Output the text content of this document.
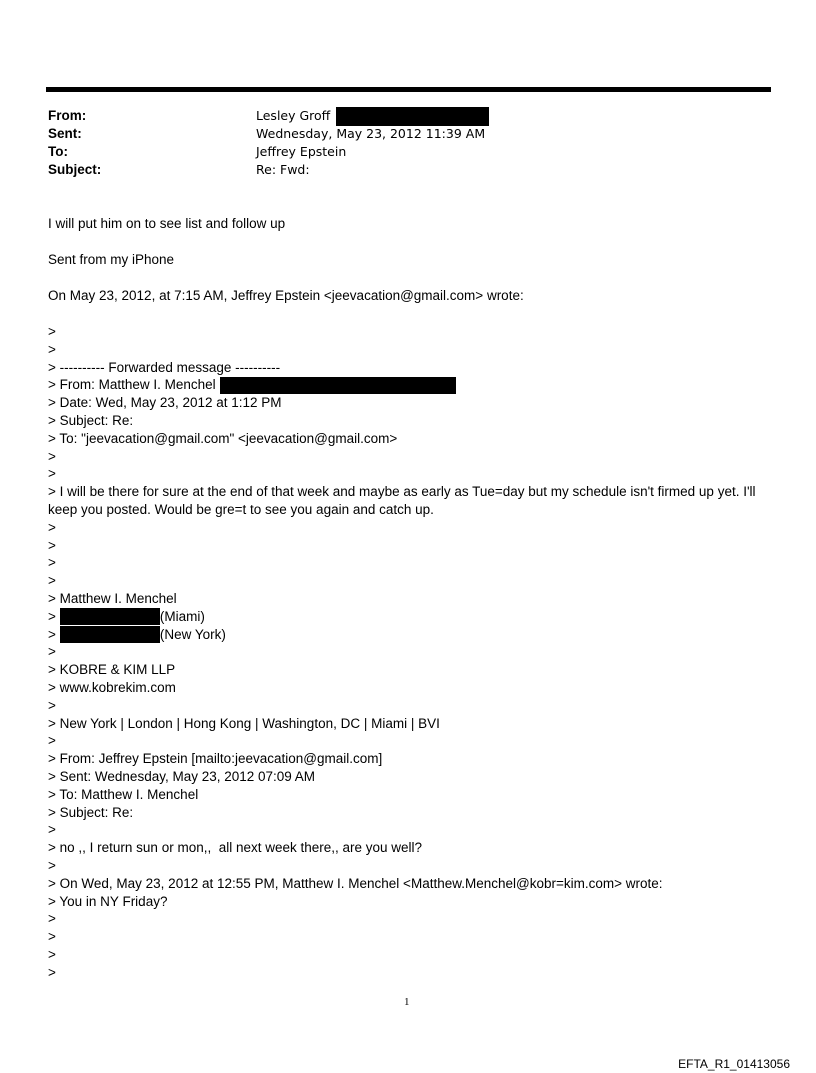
From:	Lesley Groff
Sent:	Wednesday, May 23, 2012 11:39 AM
To:	Jeffrey Epstein
Subject:	Re: Fwd:
I will put him on to see list and follow up
Sent from my iPhone
On May 23, 2012, at 7:15 AM, Jeffrey Epstein <jeevacation@gmail.com> wrote:
>
>
> ---------- Forwarded message ----------
> From: Matthew I. Menchel
> Date: Wed, May 23, 2012 at 1:12 PM
> Subject: Re:
> To: "jeevacation@gmail.com" <jeevacation@gmail.com>
>
>
> I will be there for sure at the end of that week and maybe as early as Tue=day but my schedule isn't firmed up yet. I'll keep you posted. Would be gre=t to see you again and catch up.
>
>
>
>
> Matthew I. Menchel
>	(Miami)
>	(New York)
>
> KOBRE & KIM LLP
> www.kobrekim.com
>
> New York | London | Hong Kong | Washington, DC | Miami | BVI
>
> From: Jeffrey Epstein [mailto:jeevacation@gmail.com]
> Sent: Wednesday, May 23, 2012 07:09 AM
> To: Matthew I. Menchel
> Subject: Re:
>
> no ,, I return sun or mon,,  all next week there,, are you well?
>
> On Wed, May 23, 2012 at 12:55 PM, Matthew I. Menchel <Matthew.Menchel@kobr=kim.com> wrote:
> You in NY Friday?
>
>
>
>
1
EFTA_R1_01413056
